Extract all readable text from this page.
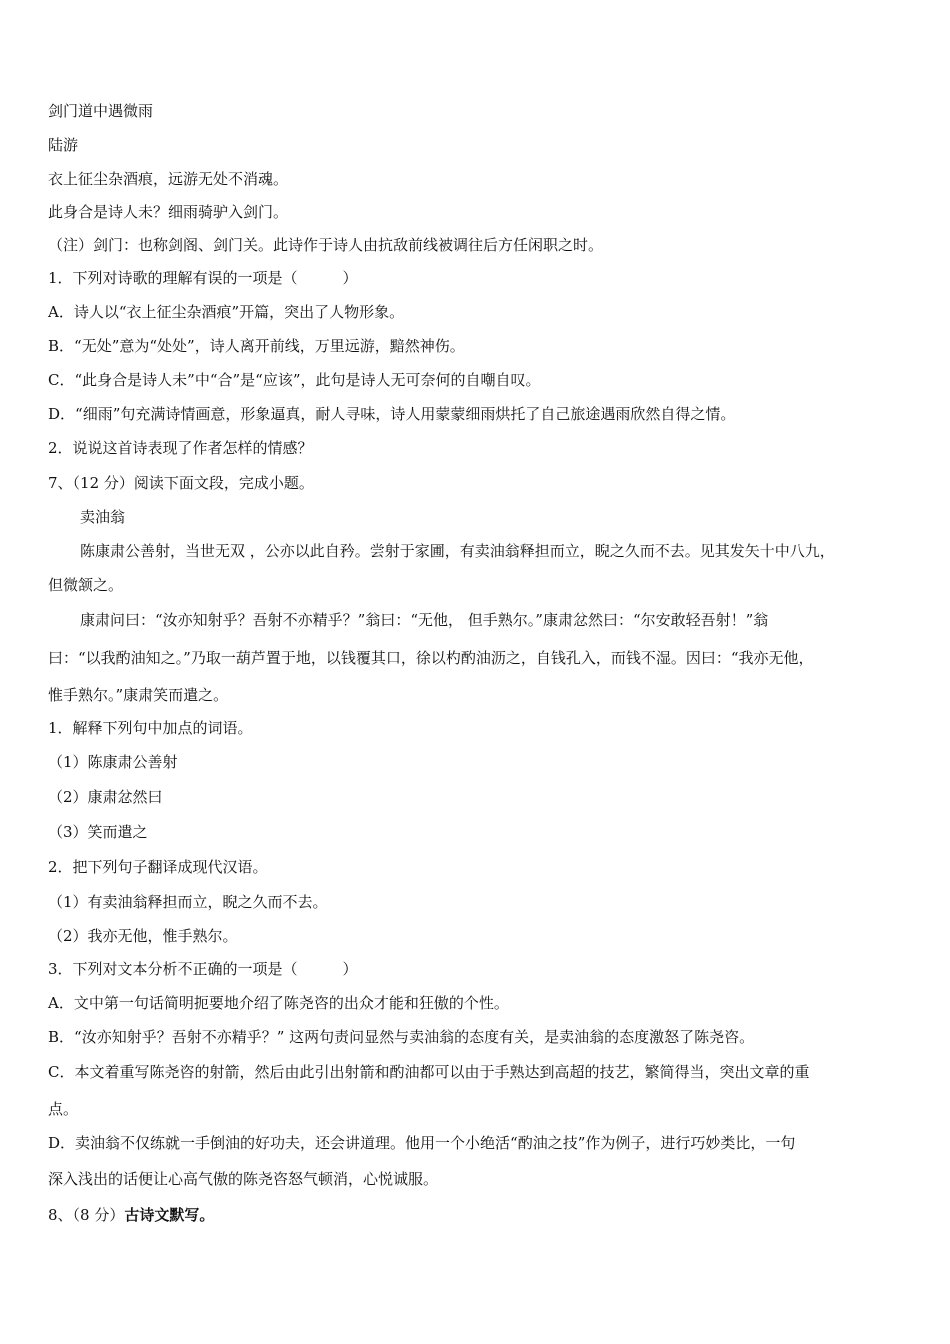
剑门道中遇微雨
陆游
衣上征尘杂酒痕，远游无处不消魂。
此身合是诗人未？细雨骑驴入剑门。
（注）剑门：也称剑阁、剑门关。此诗作于诗人由抗敌前线被调往后方任闲职之时。
1．下列对诗歌的理解有误的一项是（　　　）
A．诗人以“衣上征尘杂酒痕”开篇，突出了人物形象。
B．“无处”意为“处处”，诗人离开前线，万里远游，黯然神伤。
C．“此身合是诗人未”中“合”是“应该”，此句是诗人无可奈何的自嘲自叹。
D．“细雨”句充满诗情画意，形象逼真，耐人寻味，诗人用蒙蒙细雨烘托了自己旅途遇雨欣然自得之情。
2．说说这首诗表现了作者怎样的情感？
7、（12 分）阅读下面文段，完成小题。
卖油翁
陈康肃公善射，当世无双 ，公亦以此自矜。尝射于家圃，有卖油翁释担而立，睨之久而不去。见其发矢十中八九，
但微颔之。
康肃问曰：“汝亦知射乎？吾射不亦精乎？”翁曰：“无他， 但手熟尔。”康肃忿然曰：“尔安敢轻吾射！”翁
曰：“以我酌油知之。”乃取一葫芦置于地，以钱覆其口，徐以杓酌油沥之，自钱孔入，而钱不湿。因曰：“我亦无他，
惟手熟尔。”康肃笑而遣之。
1．解释下列句中加点的词语。
（1）陈康肃公善射
（2）康肃忿然曰
（3）笑而遣之
2．把下列句子翻译成现代汉语。
（1）有卖油翁释担而立，睨之久而不去。
（2）我亦无他，惟手熟尔。
3．下列对文本分析不正确的一项是（　　　）
A．文中第一句话简明扼要地介绍了陈尧咨的出众才能和狂傲的个性。
B．“汝亦知射乎？吾射不亦精乎？” 这两句责问显然与卖油翁的态度有关，是卖油翁的态度激怒了陈尧咨。
C．本文着重写陈尧咨的射箭，然后由此引出射箭和酌油都可以由于手熟达到高超的技艺，繁简得当，突出文章的重
点。
D．卖油翁不仅练就一手倒油的好功夫，还会讲道理。他用一个小绝活“酌油之技”作为例子，进行巧妙类比，一句
深入浅出的话便让心高气傲的陈尧咨怒气顿消，心悦诚服。
8、（8 分）古诗文默写。
